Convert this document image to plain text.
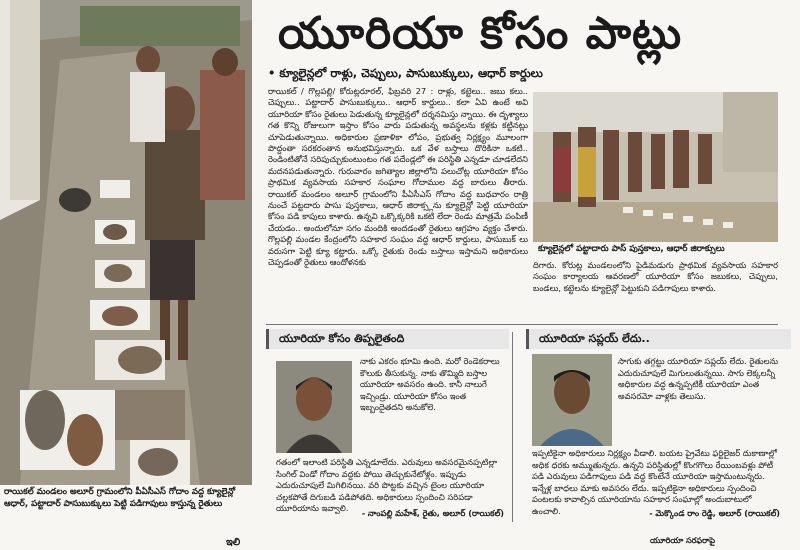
రాయికల్ మండలం అలూర్ గ్రామంలోని పీఏసీఎస్ గోదాం వద్ద క్యూలైన్లో ఆధార్, పట్టాదార్ పాసుబుక్కులు పెట్టి పడిగాపులు కాస్తున్న రైతులు
యూరియా కోసం పాట్లు
• క్యూలైన్లలో రాళ్లు, చెప్పులు, పాసుబుక్కులు, ఆధార్ కార్డులు
రాయికల్ / గొల్లపల్లి/ కోరుట్లరూరల్, ఫిబ్రవరి 27 : రాళ్లు, కట్టెలు.. జబు కలు.. చెప్పులు.. పట్టాదార్ పాసుబుక్కులు.. ఆధార్ కార్డులు.. కలా ఏవి ఉంటే అవి యూరియా కోసం రైతులు పెడుతున్న క్యూలైన్లలో దర్శనమిస్తు న్నాయి. ఈ దృశ్యాలు గత కొన్ని రోజులుగా ఇస్తాం కోసం వారు పడుతున్న అవస్థలను కళ్లకు కట్టినట్లు చూపెడుతున్నాయి. అధికారుల ప్రణాళికా లోపం, ప్రభుత్వ నిర్లక్ష్యం మూలంగా పొద్దంతా సరకరంతాన అనుభవిస్తున్నారు. ఒక వేళ బస్తాలు దొరికినా ఒకటి.. రెండింటితోనే సరిపుచ్చుకుంటుంటం గత పదేండ్లలో ఈ పరిస్థితి ఎన్నడూ చూడలేదని మదనపడుతున్నారు. గురువారం జగిత్యాల జిల్లాలోని పలుచోట్ల యూరియా కోసం ప్రాథమిక వ్యవసాయ సహకార సంఘాల గోదాముల వద్ద బారులు తీరారు. రాయికల్ మండలం అలూర్ గ్రామంలోని పీఏసీఎస్ గోదాం వద్ద బుధవారం రాత్రి నుంచే పట్టదారు పాసు పుస్తకాలు, ఆధార్ జిరాక్స్లను క్యూలైన్లో పెట్టి యూరియా కోసం పడి కాపులు కాశారు. ఉన్నవి ఒక్కొక్కరికి ఒకటి లేదా రెండు మాత్రమే పంపిణీ చేయడం.. అందులోనూ సగం మందికి అందడంతో రైతులు ఆగ్రహం వ్యక్తం చేశారు. గొల్లపల్లి మండల కేంద్రంలోని సహకార సంఘం వద్ద ఆధార్ కార్డులు, పాసుబుక్ లు వరుసగా పెట్టి క్యూ కట్టారు. ఒక్కో రైతుకు రెండు బస్తాలు ఇస్తామని అధికారులు చెప్పడంతో రైతులు ఆందోళనకు
క్యూలైన్లలో పట్టాదారు పాస్ పుస్తకాలు, ఆధార్ జిరాక్సులు
దిగారు. కోరుట్ల మండలంలోని పైడిమడుగు ప్రాథమిక వ్యవసాయ సహకార సంఘం కార్యాలయ ఆవరణలో యూరియా కోసం జబుకలు, చెప్పులు, బండలు, కట్టెలను క్యూలైన్లో పెట్టుకుని పడిగాపులు కాశారు.
యూరియా కోసం తిప్పలైతంది
నాకు ఎకరం భూమి ఉంది. మరో రెండెకరాలు కౌలుకు తీసుకున్న. నాకు తొమ్మిది బస్తాల యూరియా అవసరం ఉంది. కానీ నాలుగే ఇచ్చిండ్రు. యూరియా కోసం ఇంత ఇబ్బందైతదని అనుకోలె.
గతంలో ఇలాంటి పరిస్థితి ఎన్నడూలేదు. ఎరువులు అవసరమైనప్పటిల్లా సింగిల్ విండో గోదాం వద్దకు పోయి తెచ్చుకునేటోళ్లం. ఇప్పుడు ఎదురుచూపులే మిగిలినయి. వరి పొట్టకు వచ్చిన టైంల యూరియా చల్లకపోతే దిగుబడి పడిపోతది. అధికారులు స్పందించి సరిపడా యూరియాను ఇవ్వాలి.	- నాంపల్లి మహేశ్, రైతు, అలూర్ (రాయికల్)
యూరియా సప్లయ్ లేదు..
సాగుకు తగ్గట్టు యూరియా సప్లయ్ లేదు. రైతులను ఎదురుచూపులే మిగులుతున్నయి. సాగు లెక్కలన్నీ అధికారుల వద్ద ఉన్నప్పటికీ యూరియా ఎంత అవసరమో వాళ్లకు తెలుసు.
ఇప్పటికైనా అధికారులు నిర్లక్ష్యం వీడాలి. బయట ప్రైవేటు ఫర్టిలైజర్ దుకాణాల్లో అధిక ధరకు అమ్ముతున్నరు. ఉన్నని పరిస్థితుల్లో కొంగగొలు రేయింబవళ్లు పోటీ పడి ఎరువులు పడిగాపులు పడి వద్ద కొంటేనే యూరియా ఇస్తామంటున్నరు. ఇన్నేళ్ల బాధలు మాకు అవసరం లేదు. ఇప్పటికైనా అధికారులు స్పందించి పంటలకు కావాల్సిన యూరియాను సహకార సంఘాల్లో అందుబాటులో ఉంచాలి.	- మెక్కొండ రాం రెడ్డి, అలూర్ (రాయికల్)
ఇలి	యూరియా సరఫరాపై
